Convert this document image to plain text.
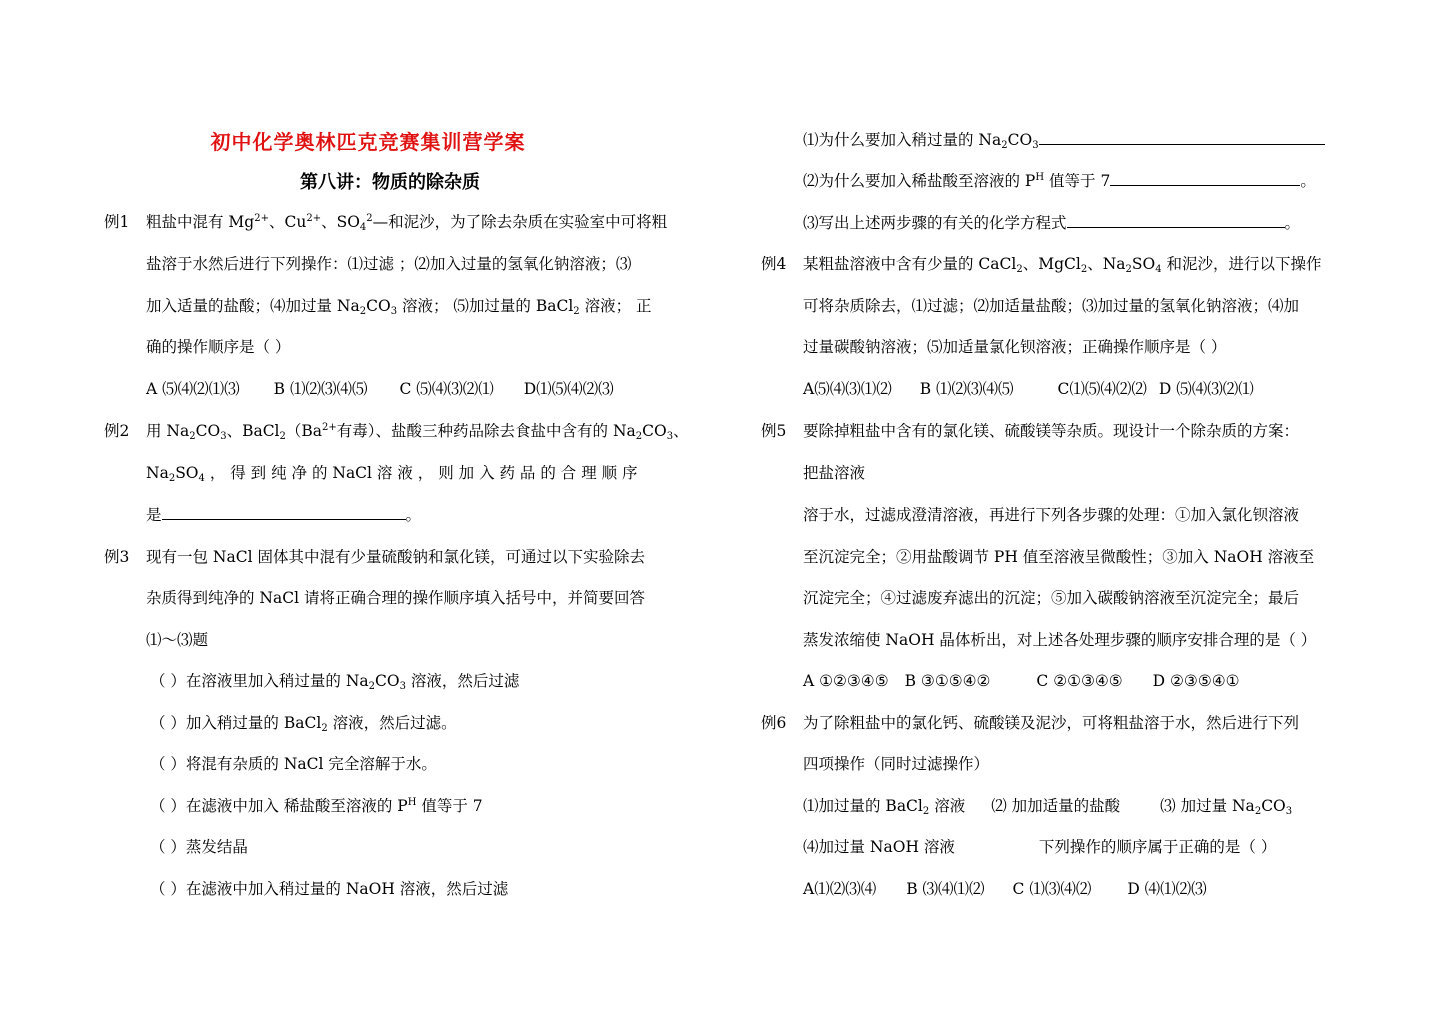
初中化学奥林匹克竞赛集训营学案
第八讲：物质的除杂质
例1 粗盐中混有 $Mg^{2+}$、$Cu^{2+}$、$SO_4^2—$和泥沙，为了除去杂质在实验室中可将粗
盐溶于水然后进行下列操作：⑴过滤 ；⑵加入过量的氢氧化钠溶液；⑶
加入适量的盐酸；⑷加过量 $Na_2CO_3$ 溶液； ⑸加过量的 BaCl$_2$ 溶液； 正
确的操作顺序是（ ）
A ⑸⑷⑵⑴⑶ B ⑴⑵⑶⑷⑸ C ⑸⑷⑶⑵⑴ D⑴⑸⑷⑵⑶
例2 用 $Na_2CO_3$、$BaCl_2(Ba^{2+}$有毒）、盐酸三种药品除去食盐中含有的 $Na_2CO_3$、
$Na_2SO_4$ ， 得 到 纯 净 的 NaCl 溶 液 ， 则 加 入 药 品 的 合 理 顺 序
是	。
例3 现有一包 NaCl 固体其中混有少量硫酸钠和氯化镁，可通过以下实验除去
杂质得到纯净的 NaCl 请将正确合理的操作顺序填入括号中，并简要回答
⑴～⑶题
（ ）在溶液里加入稍过量的 $Na_2CO_3$ 溶液，然后过滤
（ ）加入稍过量的 BaCl$_2$ 溶液，然后过滤。
（ ）将混有杂质的 NaCl 完全溶解于水。
（ ）在滤液中加入 稀盐酸至溶液的 $P^H$ 值等于 7
（ ）蒸发结晶
（ ）在滤液中加入稍过量的 NaOH 溶液，然后过滤
⑴为什么要加入稍过量的 $Na_2CO_3$
⑵为什么要加入稀盐酸至溶液的 $P^H$ 值等于 7	。
⑶写出上述两步骤的有关的化学方程式	。
例4 某粗盐溶液中含有少量的 CaCl$_2$、MgCl$_2$、$Na_2SO_4$ 和泥沙，进行以下操作
可将杂质除去，⑴过滤；⑵加适量盐酸；⑶加过量的氢氧化钠溶液；⑷加
过量碳酸钠溶液；⑸加适量氯化钡溶液；正确操作顺序是（ ）
A⑸⑷⑶⑴⑵ B ⑴⑵⑶⑷⑸	C⑴⑸⑷⑵⑵ D ⑸⑷⑶⑵⑴
例5 要除掉粗盐中含有的氯化镁、硫酸镁等杂质。现设计一个除杂质的方案：
把盐溶液
溶于水，过滤成澄清溶液，再进行下列各步骤的处理：①加入氯化钡溶液
至沉淀完全；②用盐酸调节 PH 值至溶液呈微酸性；③加入 NaOH 溶液至
沉淀完全；④过滤废弃滤出的沉淀；⑤加入碳酸钠溶液至沉淀完全；最后
蒸发浓缩使 NaOH 晶体析出，对上述各处理步骤的顺序安排合理的是（ ）
A ①②③④⑤ B ③①⑤④②	C ②①③④⑤ D ②③⑤④①
例6 为了除粗盐中的氯化钙、硫酸镁及泥沙，可将粗盐溶于水，然后进行下列
四项操作（同时过滤操作）
⑴加过量的 BaCl$_2$ 溶液 ⑵ 加加适量的盐酸	⑶ 加过量 $Na_2CO_3$
⑷加过量 NaOH 溶液	下列操作的顺序属于正确的是（ ）
A⑴⑵⑶⑷ B ⑶⑷⑴⑵ C ⑴⑶⑷⑵ D ⑷⑴⑵⑶
